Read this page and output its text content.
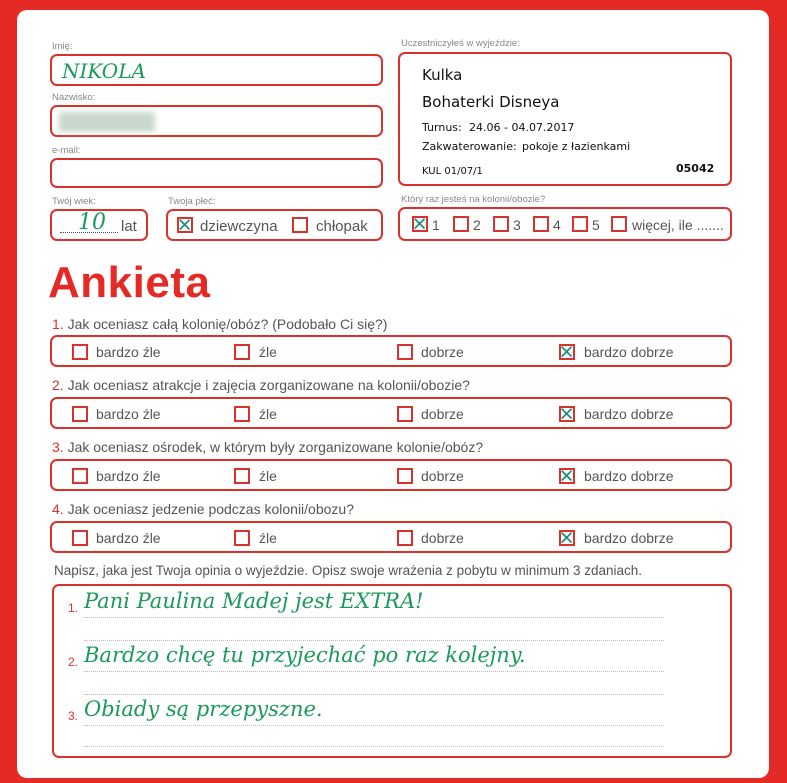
Imię:
NIKOLA
Nazwisko:
e-mail:
Twój wiek:
10 lat
Twoja płeć:
dziewczyna	chłopak
Uczestniczyłeś w wyjeździe:
Kulka
Bohaterki Disneya
Turnus: 24.06 - 04.07.2017
Zakwaterowanie: pokoje z łazienkami
KUL 01/07/1	05042
Który raz jesteś na kolonii/obozie?
1 2 3 4 5 więcej, ile .......
Ankieta
1. Jak oceniasz całą kolonię/obóz? (Podobało Ci się?)
bardzo źle	źle	dobrze	bardzo dobrze
2. Jak oceniasz atrakcje i zajęcia zorganizowane na kolonii/obozie?
bardzo źle	źle	dobrze	bardzo dobrze
3. Jak oceniasz ośrodek, w którym były zorganizowane kolonie/obóz?
bardzo źle	źle	dobrze	bardzo dobrze
4. Jak oceniasz jedzenie podczas kolonii/obozu?
bardzo źle	źle	dobrze	bardzo dobrze
Napisz, jaka jest Twoja opinia o wyjeździe. Opisz swoje wrażenia z pobytu w minimum 3 zdaniach.
1. Pani Paulina Madej jest EXTRA!
2. Bardzo chcę tu przyjechać po raz kolejny.
3. Obiady są przepyszne.
